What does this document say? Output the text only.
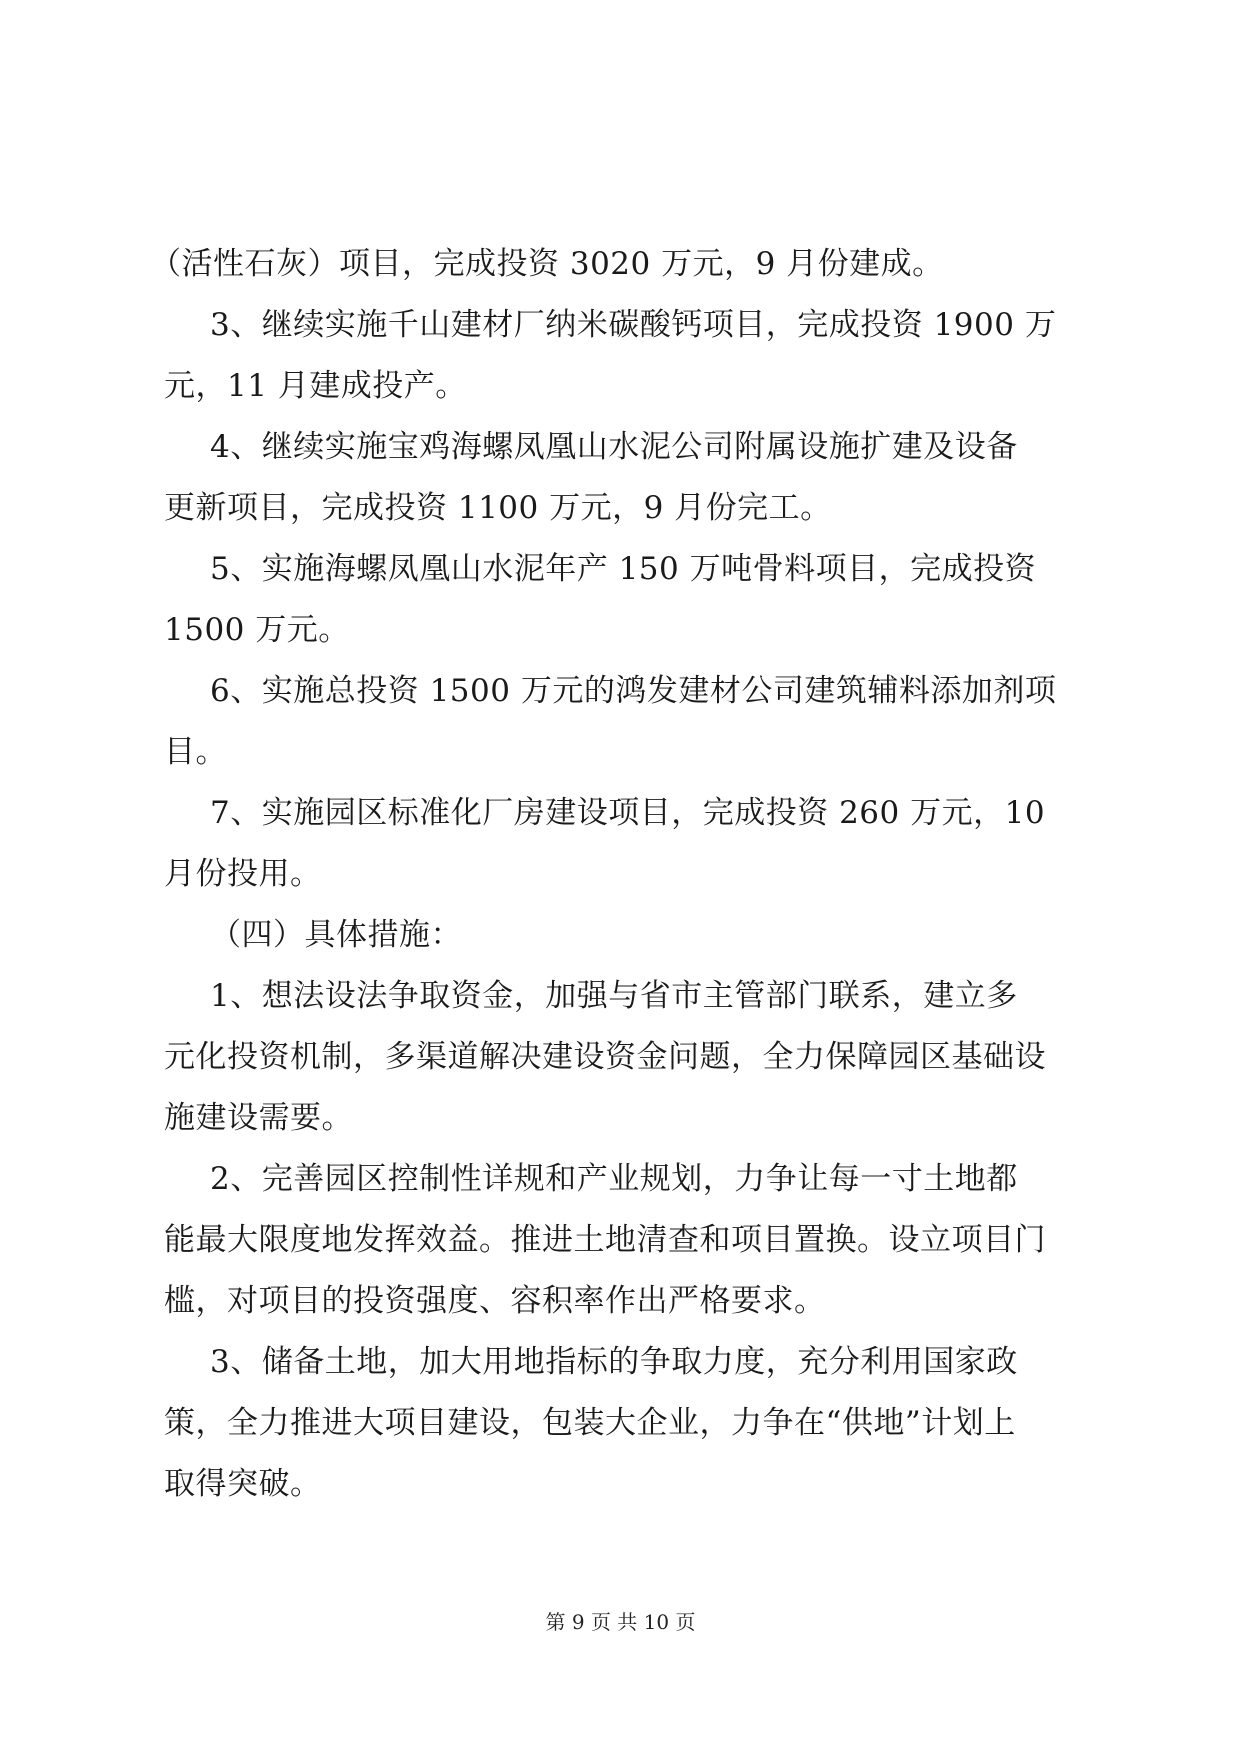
（活性石灰）项目，完成投资 3020 万元，9 月份建成。
3、继续实施千山建材厂纳米碳酸钙项目，完成投资 1900 万
元，11 月建成投产。
4、继续实施宝鸡海螺凤凰山水泥公司附属设施扩建及设备
更新项目，完成投资 1100 万元，9 月份完工。
5、实施海螺凤凰山水泥年产 150 万吨骨料项目，完成投资
1500 万元。
6、实施总投资 1500 万元的鸿发建材公司建筑辅料添加剂项
目。
7、实施园区标准化厂房建设项目，完成投资 260 万元，10
月份投用。
（四）具体措施：
1、想法设法争取资金，加强与省市主管部门联系，建立多
元化投资机制，多渠道解决建设资金问题，全力保障园区基础设
施建设需要。
2、完善园区控制性详规和产业规划，力争让每一寸土地都
能最大限度地发挥效益。推进土地清查和项目置换。设立项目门
槛，对项目的投资强度、容积率作出严格要求。
3、储备土地，加大用地指标的争取力度，充分利用国家政
策，全力推进大项目建设，包装大企业，力争在“供地”计划上
取得突破。
第 9 页 共 10 页
